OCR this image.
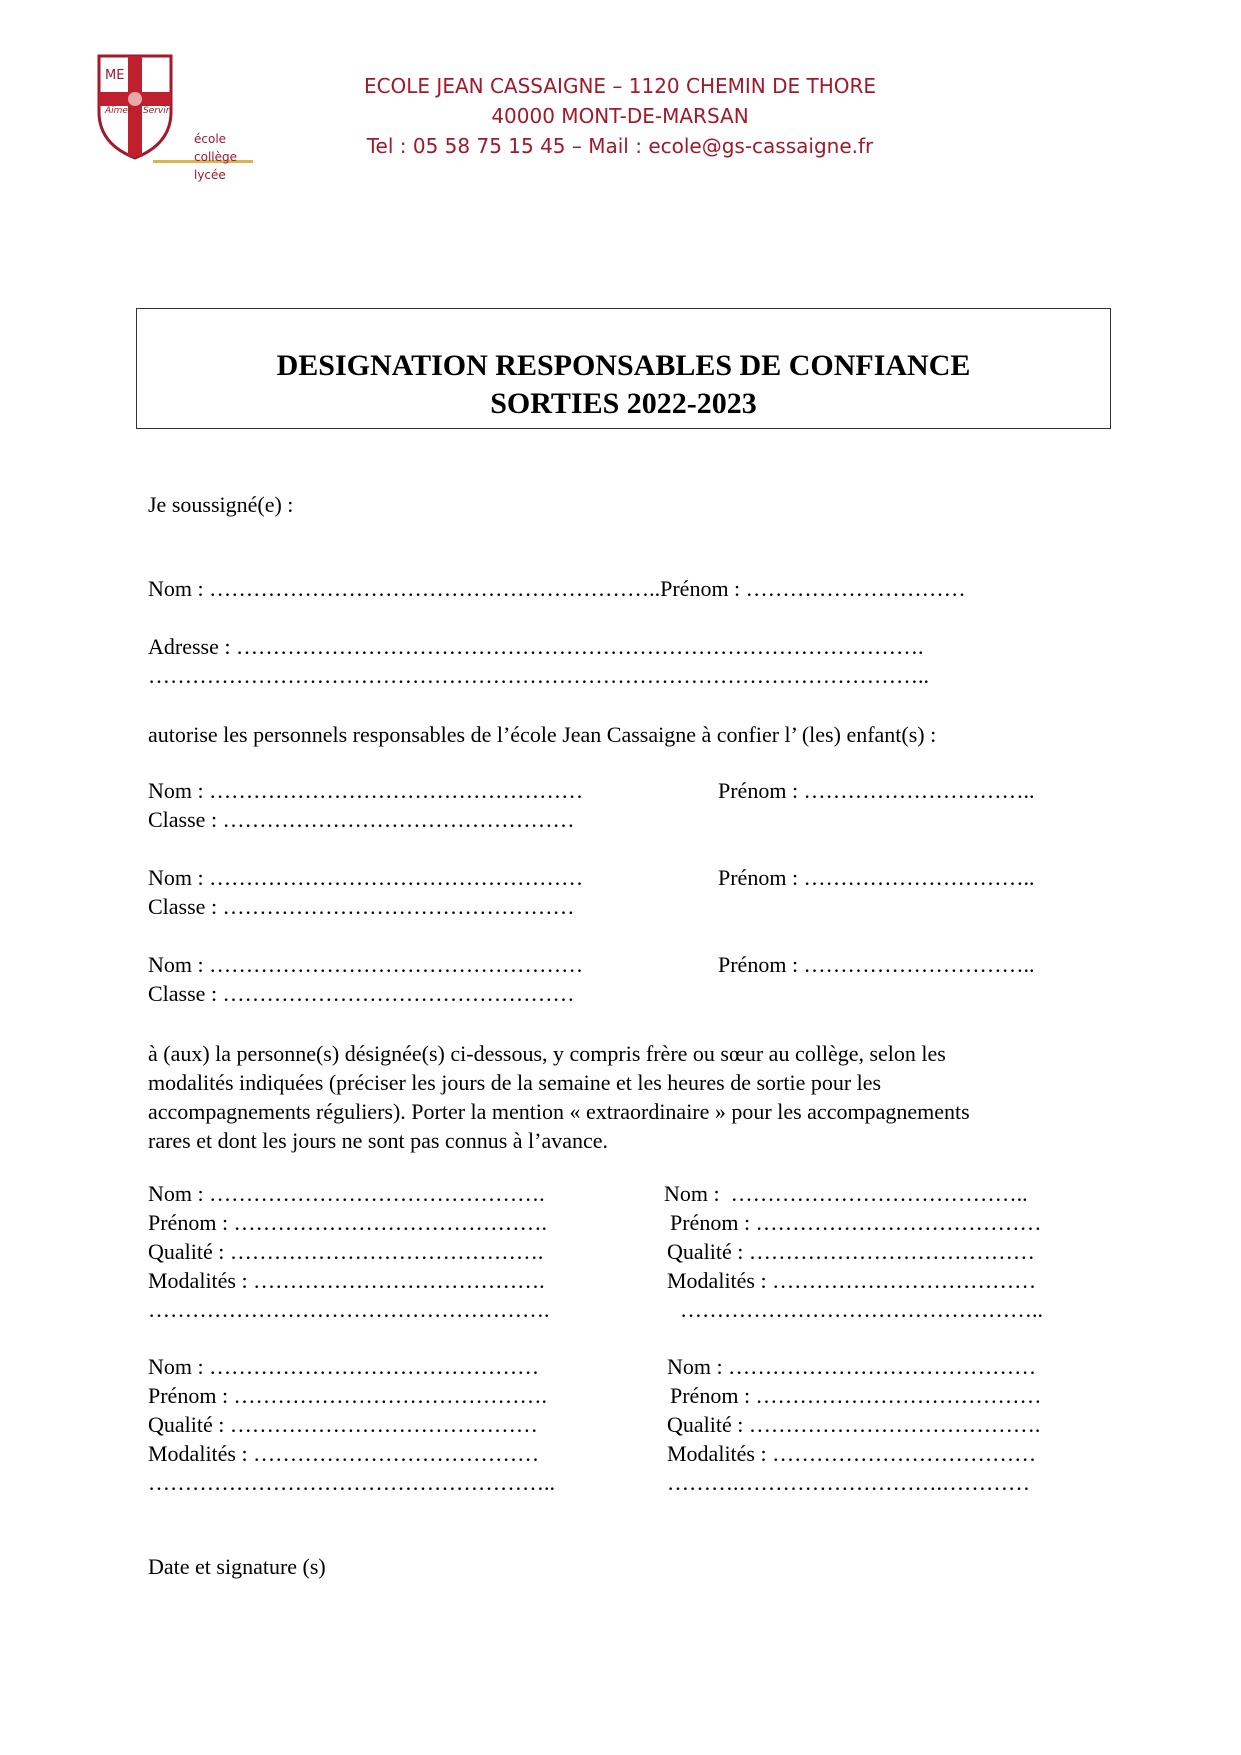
ME
Aimer Servir
école
collège
lycée
ECOLE JEAN CASSAIGNE – 1120 CHEMIN DE THORE
40000 MONT-DE-MARSAN
Tel : 05 58 75 15 45 – Mail : ecole@gs-cassaigne.fr
DESIGNATION RESPONSABLES DE CONFIANCE
SORTIES 2022-2023
Je soussigné(e) :
Nom : ……………………………………………………..Prénom : …………………………
Adresse : ………………………………………………………………………………….
……………………………………………………………………………………………..
autorise les personnels responsables de l’école Jean Cassaigne à confier l’ (les) enfant(s) :
Nom : ……………………………………………	Prénom : …………………………..
Classe : …………………………………………
Nom : ……………………………………………	Prénom : …………………………..
Classe : …………………………………………
Nom : ……………………………………………	Prénom : …………………………..
Classe : …………………………………………
à (aux) la personne(s) désignée(s) ci-dessous, y compris frère ou sœur au collège, selon les
modalités indiquées (préciser les jours de la semaine et les heures de sortie pour les
accompagnements réguliers). Porter la mention « extraordinaire » pour les accompagnements
rares et dont les jours ne sont pas connus à l’avance.
Nom : ……………………………………….
Prénom : …………………………………….
Qualité : …………………………………….
Modalités : ………………………………….
……………………………………………….
Nom :  …………………………………..
Prénom : …………………………………
Qualité : …………………………………
Modalités : ………………………………
…………………………………………..
Nom : ………………………………………
Prénom : …………………………………….
Qualité : ……………………………………
Modalités : …………………………………
………………………………………………..
Nom : ……………………………………
Prénom : …………………………………
Qualité : ………………………………….
Modalités : ………………………………
……….……………………….…………
Date et signature (s)
